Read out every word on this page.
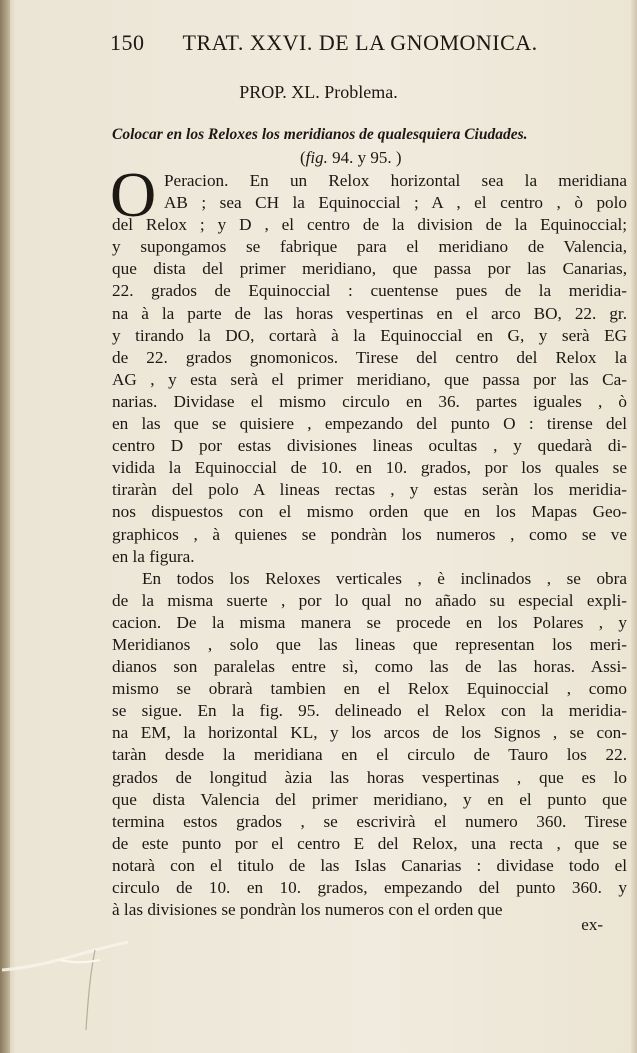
150 TRAT. XXVI. DE LA GNOMONICA.
PROP. XL. Problema.
Colocar en los Reloxes los meridianos de qualesquiera Ciudades.
(fig. 94. y 95. )
O Peracion. En un Relox horizontal sea la meridiana
AB ; sea CH la Equinoccial ; A , el centro , ò polo
del Relox ; y D , el centro de la division de la Equinoccial;
y supongamos se fabrique para el meridiano de Valencia,
que dista del primer meridiano, que passa por las Canarias,
22. grados de Equinoccial : cuentense pues de la meridia-
na à la parte de las horas vespertinas en el arco BO, 22. gr.
y tirando la DO, cortarà à la Equinoccial en G, y serà EG
de 22. grados gnomonicos. Tirese del centro del Relox la
AG , y esta serà el primer meridiano, que passa por las Ca-
narias. Dividase el mismo circulo en 36. partes iguales , ò
en las que se quisiere , empezando del punto O : tirense del
centro D por estas divisiones lineas ocultas , y quedarà di-
vidida la Equinoccial de 10. en 10. grados, por los quales se
tiraràn del polo A lineas rectas , y estas seràn los meridia-
nos dispuestos con el mismo orden que en los Mapas Geo-
graphicos , à quienes se pondràn los numeros , como se ve
en la figura.
En todos los Reloxes verticales , è inclinados , se obra
de la misma suerte , por lo qual no añado su especial expli-
cacion. De la misma manera se procede en los Polares , y
Meridianos , solo que las lineas que representan los meri-
dianos son paralelas entre sì, como las de las horas. Assi-
mismo se obrarà tambien en el Relox Equinoccial , como
se sigue. En la fig. 95. delineado el Relox con la meridia-
na EM, la horizontal KL, y los arcos de los Signos , se con-
taràn desde la meridiana en el circulo de Tauro los 22.
grados de longitud àzia las horas vespertinas , que es lo
que dista Valencia del primer meridiano, y en el punto que
termina estos grados , se escrivirà el numero 360. Tirese
de este punto por el centro E del Relox, una recta , que se
notarà con el titulo de las Islas Canarias : dividase todo el
circulo de 10. en 10. grados, empezando del punto 360. y
à las divisiones se pondràn los numeros con el orden que
ex-
